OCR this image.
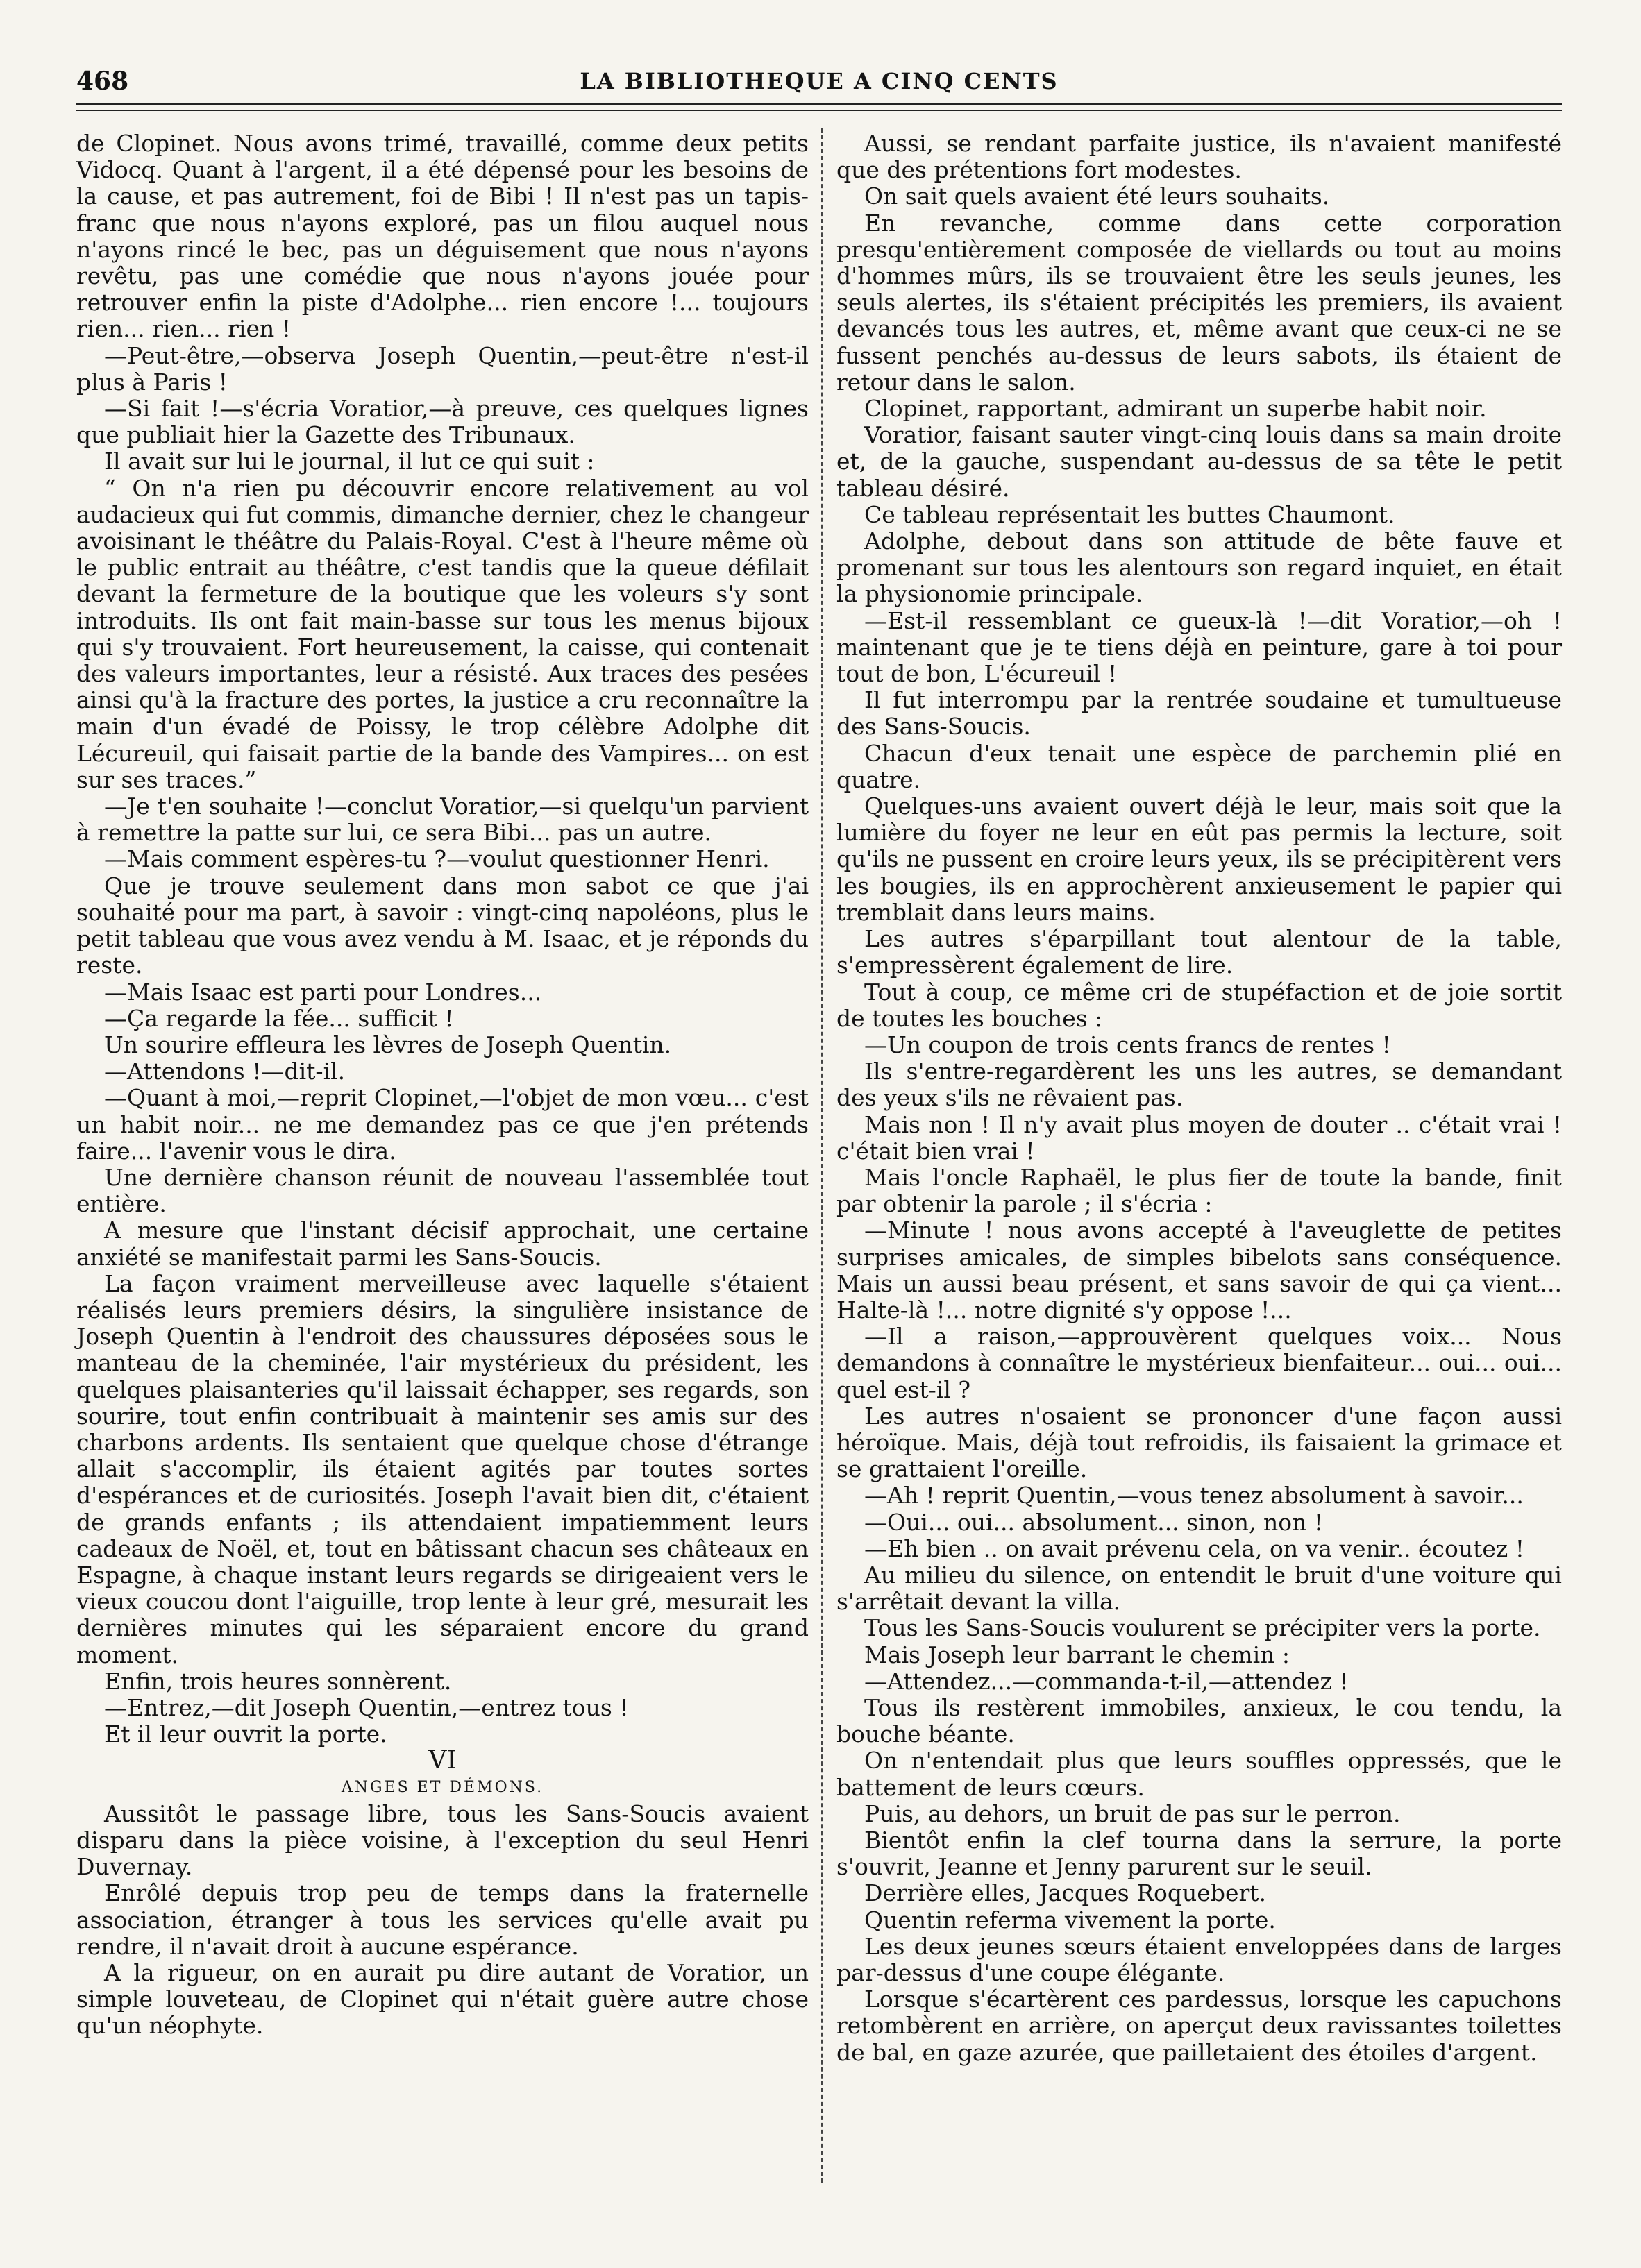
468	LA BIBLIOTHEQUE A CINQ CENTS

de Clopinet. Nous avons trimé, travaillé, comme deux petits Vidocq. Quant à l'argent, il a été dépensé pour les besoins de la cause, et pas autrement, foi de Bibi ! Il n'est pas un tapis-franc que nous n'ayons exploré, pas un filou auquel nous n'ayons rincé le bec, pas un déguisement que nous n'ayons revêtu, pas une comédie que nous n'ayons jouée pour retrouver enfin la piste d'Adolphe... rien encore !... toujours rien... rien... rien !

—Peut-être,—observa Joseph Quentin,—peut-être n'est-il plus à Paris !

—Si fait !—s'écria Voratior,—à preuve, ces quelques lignes que publiait hier la Gazette des Tribunaux.

Il avait sur lui le journal, il lut ce qui suit :

“ On n'a rien pu découvrir encore relativement au vol audacieux qui fut commis, dimanche dernier, chez le changeur avoisinant le théâtre du Palais-Royal. C'est à l'heure même où le public entrait au théâtre, c'est tandis que la queue défilait devant la fermeture de la boutique que les voleurs s'y sont introduits. Ils ont fait main-basse sur tous les menus bijoux qui s'y trouvaient. Fort heureusement, la caisse, qui contenait des valeurs importantes, leur a résisté. Aux traces des pesées ainsi qu'à la fracture des portes, la justice a cru reconnaître la main d'un évadé de Poissy, le trop célèbre Adolphe dit Lécureuil, qui faisait partie de la bande des Vampires... on est sur ses traces.”

—Je t'en souhaite !—conclut Voratior,—si quelqu'un parvient à remettre la patte sur lui, ce sera Bibi... pas un autre.

—Mais comment espères-tu ?—voulut questionner Henri.

Que je trouve seulement dans mon sabot ce que j'ai souhaité pour ma part, à savoir : vingt-cinq napoléons, plus le petit tableau que vous avez vendu à M. Isaac, et je réponds du reste.

—Mais Isaac est parti pour Londres...

—Ça regarde la fée... sufficit !

Un sourire effleura les lèvres de Joseph Quentin.

—Attendons !—dit-il.

—Quant à moi,—reprit Clopinet,—l'objet de mon vœu... c'est un habit noir... ne me demandez pas ce que j'en prétends faire... l'avenir vous le dira.

Une dernière chanson réunit de nouveau l'assemblée tout entière.

A mesure que l'instant décisif approchait, une certaine anxiété se manifestait parmi les Sans-Soucis.

La façon vraiment merveilleuse avec laquelle s'étaient réalisés leurs premiers désirs, la singulière insistance de Joseph Quentin à l'endroit des chaussures déposées sous le manteau de la cheminée, l'air mystérieux du président, les quelques plaisanteries qu'il laissait échapper, ses regards, son sourire, tout enfin contribuait à maintenir ses amis sur des charbons ardents. Ils sentaient que quelque chose d'étrange allait s'accomplir, ils étaient agités par toutes sortes d'espérances et de curiosités. Joseph l'avait bien dit, c'étaient de grands enfants ; ils attendaient impatiemment leurs cadeaux de Noël, et, tout en bâtissant chacun ses châteaux en Espagne, à chaque instant leurs regards se dirigeaient vers le vieux coucou dont l'aiguille, trop lente à leur gré, mesurait les dernières minutes qui les séparaient encore du grand moment.

Enfin, trois heures sonnèrent.

—Entrez,—dit Joseph Quentin,—entrez tous !

Et il leur ouvrit la porte.

VI

ANGES ET DÉMONS.

Aussitôt le passage libre, tous les Sans-Soucis avaient disparu dans la pièce voisine, à l'exception du seul Henri Duvernay.

Enrôlé depuis trop peu de temps dans la fraternelle association, étranger à tous les services qu'elle avait pu rendre, il n'avait droit à aucune espérance.

A la rigueur, on en aurait pu dire autant de Voratior, un simple louveteau, de Clopinet qui n'était guère autre chose qu'un néophyte.

Aussi, se rendant parfaite justice, ils n'avaient manifesté que des prétentions fort modestes.

On sait quels avaient été leurs souhaits.

En revanche, comme dans cette corporation presqu'entièrement composée de viellards ou tout au moins d'hommes mûrs, ils se trouvaient être les seuls jeunes, les seuls alertes, ils s'étaient précipités les premiers, ils avaient devancés tous les autres, et, même avant que ceux-ci ne se fussent penchés au-dessus de leurs sabots, ils étaient de retour dans le salon.

Clopinet, rapportant, admirant un superbe habit noir.

Voratior, faisant sauter vingt-cinq louis dans sa main droite et, de la gauche, suspendant au-dessus de sa tête le petit tableau désiré.

Ce tableau représentait les buttes Chaumont.

Adolphe, debout dans son attitude de bête fauve et promenant sur tous les alentours son regard inquiet, en était la physionomie principale.

—Est-il ressemblant ce gueux-là !—dit Voratior,—oh ! maintenant que je te tiens déjà en peinture, gare à toi pour tout de bon, L'écureuil !

Il fut interrompu par la rentrée soudaine et tumultueuse des Sans-Soucis.

Chacun d'eux tenait une espèce de parchemin plié en quatre.

Quelques-uns avaient ouvert déjà le leur, mais soit que la lumière du foyer ne leur en eût pas permis la lecture, soit qu'ils ne pussent en croire leurs yeux, ils se précipitèrent vers les bougies, ils en approchèrent anxieusement le papier qui tremblait dans leurs mains.

Les autres s'éparpillant tout alentour de la table, s'empressèrent également de lire.

Tout à coup, ce même cri de stupéfaction et de joie sortit de toutes les bouches :

—Un coupon de trois cents francs de rentes !

Ils s'entre-regardèrent les uns les autres, se demandant des yeux s'ils ne rêvaient pas.

Mais non ! Il n'y avait plus moyen de douter .. c'était vrai ! c'était bien vrai !

Mais l'oncle Raphaël, le plus fier de toute la bande, finit par obtenir la parole ; il s'écria :

—Minute ! nous avons accepté à l'aveuglette de petites surprises amicales, de simples bibelots sans conséquence. Mais un aussi beau présent, et sans savoir de qui ça vient... Halte-là !... notre dignité s'y oppose !...

—Il a raison,—approuvèrent quelques voix... Nous demandons à connaître le mystérieux bienfaiteur... oui... oui... quel est-il ?

Les autres n'osaient se prononcer d'une façon aussi héroïque. Mais, déjà tout refroidis, ils faisaient la grimace et se grattaient l'oreille.

—Ah ! reprit Quentin,—vous tenez absolument à savoir...

—Oui... oui... absolument... sinon, non !

—Eh bien .. on avait prévenu cela, on va venir.. écoutez !

Au milieu du silence, on entendit le bruit d'une voiture qui s'arrêtait devant la villa.

Tous les Sans-Soucis voulurent se précipiter vers la porte.

Mais Joseph leur barrant le chemin :

—Attendez...—commanda-t-il,—attendez !

Tous ils restèrent immobiles, anxieux, le cou tendu, la bouche béante.

On n'entendait plus que leurs souffles oppressés, que le battement de leurs cœurs.

Puis, au dehors, un bruit de pas sur le perron.

Bientôt enfin la clef tourna dans la serrure, la porte s'ouvrit, Jeanne et Jenny parurent sur le seuil.

Derrière elles, Jacques Roquebert.

Quentin referma vivement la porte.

Les deux jeunes sœurs étaient enveloppées dans de larges par-dessus d'une coupe élégante.

Lorsque s'écartèrent ces pardessus, lorsque les capuchons retombèrent en arrière, on aperçut deux ravissantes toilettes de bal, en gaze azurée, que pailletaient des étoiles d'argent.
